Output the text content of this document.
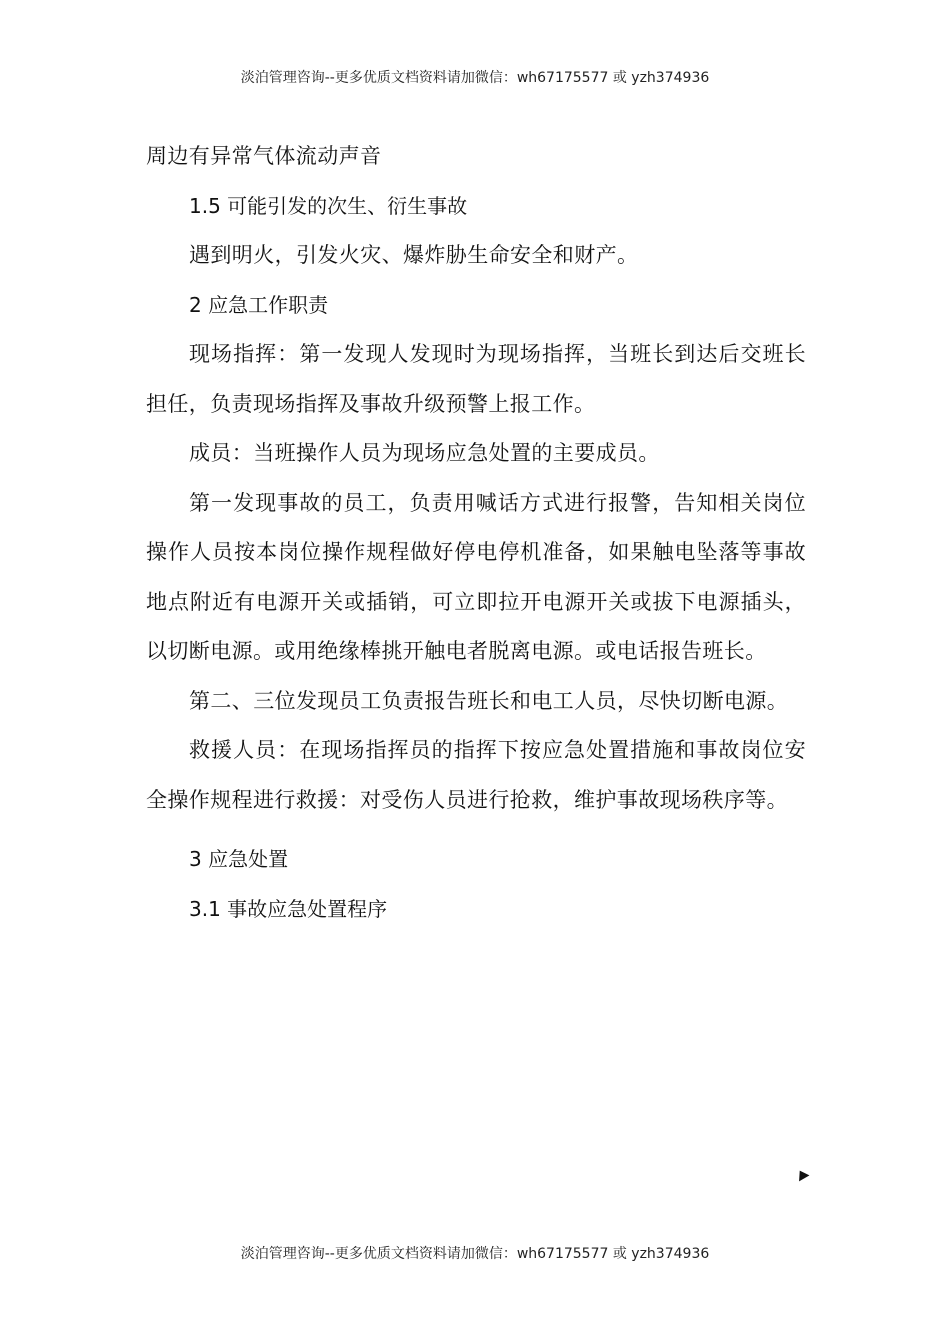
淡泊管理咨询--更多优质文档资料请加微信：wh67175577 或 yzh374936

周边有异常气体流动声音

1.5 可能引发的次生、衍生事故

遇到明火，引发火灾、爆炸胁生命安全和财产。

2 应急工作职责

现场指挥：第一发现人发现时为现场指挥，当班长到达后交班长担任，负责现场指挥及事故升级预警上报工作。

成员：当班操作人员为现场应急处置的主要成员。

第一发现事故的员工，负责用喊话方式进行报警，告知相关岗位操作人员按本岗位操作规程做好停电停机准备，如果触电坠落等事故地点附近有电源开关或插销，可立即拉开电源开关或拔下电源插头，以切断电源。或用绝缘棒挑开触电者脱离电源。或电话报告班长。

第二、三位发现员工负责报告班长和电工人员，尽快切断电源。

救援人员：在现场指挥员的指挥下按应急处置措施和事故岗位安全操作规程进行救援：对受伤人员进行抢救，维护事故现场秩序等。

3 应急处置

3.1 事故应急处置程序

淡泊管理咨询--更多优质文档资料请加微信：wh67175577 或 yzh374936
